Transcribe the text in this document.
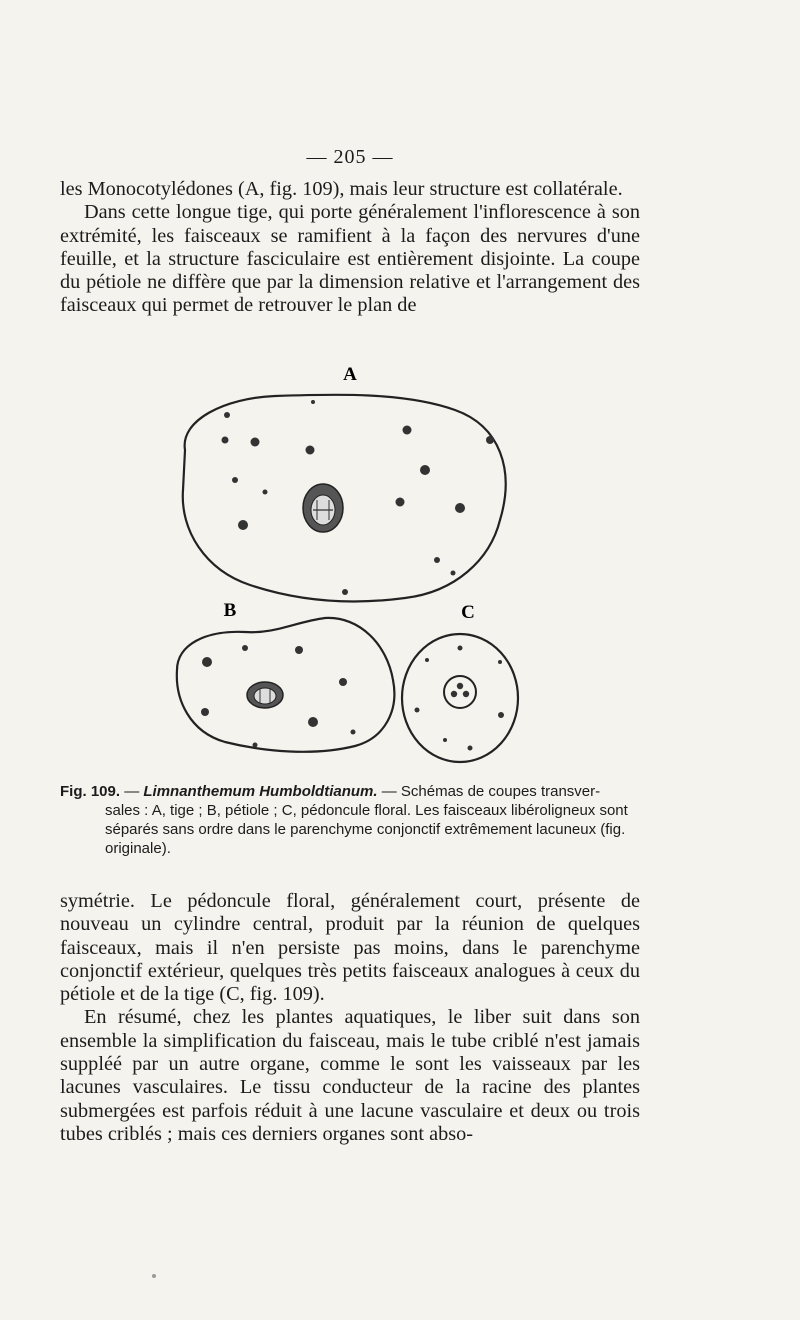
— 205 —

les Monocotylédones (A, fig. 109), mais leur structure est collatérale.

Dans cette longue tige, qui porte généralement l'inflorescence à son extrémité, les faisceaux se ramifient à la façon des nervures d'une feuille, et la structure fasciculaire est entièrement disjointe. La coupe du pétiole ne diffère que par la dimension relative et l'arrangement des faisceaux qui permet de retrouver le plan de

A
B	C
Fig. 109. — Limnanthemum Humboldtianum. — Schémas de coupes transver-
sales : A, tige ; B, pétiole ; C, pédoncule floral. Les faisceaux libéroligneux sont séparés sans ordre dans le parenchyme conjonctif extrêmement lacuneux (fig. originale).

symétrie. Le pédoncule floral, généralement court, présente de nouveau un cylindre central, produit par la réunion de quelques faisceaux, mais il n'en persiste pas moins, dans le parenchyme conjonctif extérieur, quelques très petits faisceaux analogues à ceux du pétiole et de la tige (C, fig. 109).

En résumé, chez les plantes aquatiques, le liber suit dans son ensemble la simplification du faisceau, mais le tube criblé n'est jamais suppléé par un autre organe, comme le sont les vaisseaux par les lacunes vasculaires. Le tissu conducteur de la racine des plantes submergées est parfois réduit à une lacune vasculaire et deux ou trois tubes criblés ; mais ces derniers organes sont abso-
